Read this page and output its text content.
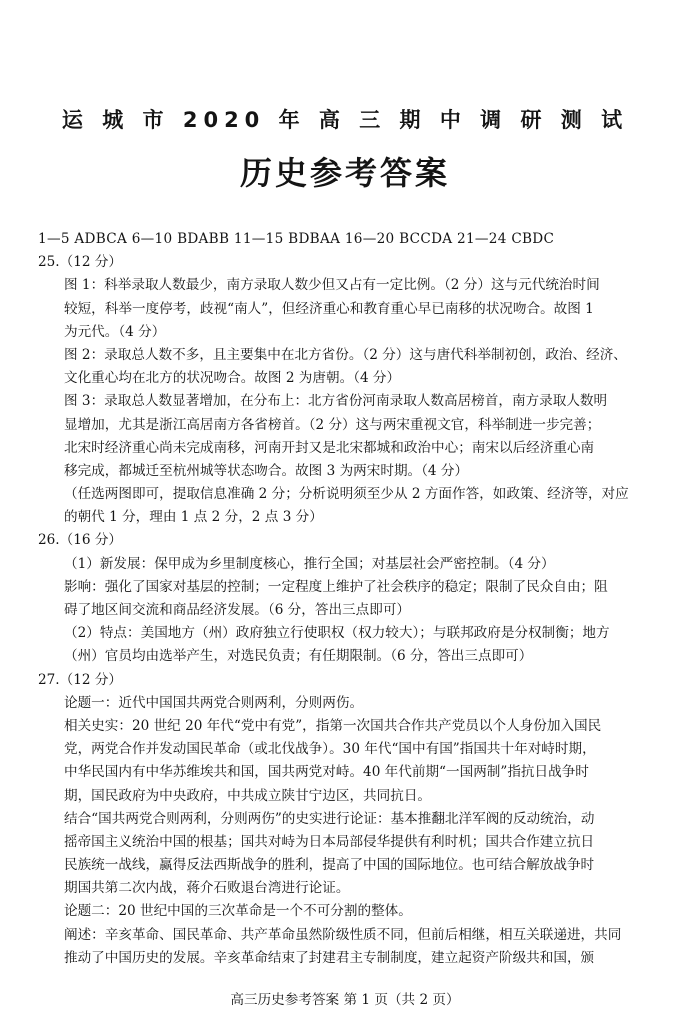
运 城 市 2020 年 高 三 期 中 调 研 测 试
历史参考答案
1—5 ADBCA 6—10 BDABB 11—15 BDBAA 16—20 BCCDA 21—24 CBDC
25.（12 分）
图 1：科举录取人数最少，南方录取人数少但又占有一定比例。（2 分）这与元代统治时间
较短，科举一度停考，歧视“南人”，但经济重心和教育重心早已南移的状况吻合。故图 1
为元代。（4 分）
图 2：录取总人数不多，且主要集中在北方省份。（2 分）这与唐代科举制初创，政治、经济、
文化重心均在北方的状况吻合。故图 2 为唐朝。（4 分）
图 3：录取总人数显著增加，在分布上：北方省份河南录取人数高居榜首，南方录取人数明
显增加，尤其是浙江高居南方各省榜首。（2 分）这与两宋重视文官，科举制进一步完善；
北宋时经济重心尚未完成南移，河南开封又是北宋都城和政治中心；南宋以后经济重心南
移完成，都城迁至杭州城等状态吻合。故图 3 为两宋时期。（4 分）
（任选两图即可，提取信息准确 2 分；分析说明须至少从 2 方面作答，如政策、经济等，对应
的朝代 1 分，理由 1 点 2 分，2 点 3 分）
26.（16 分）
（1）新发展：保甲成为乡里制度核心，推行全国；对基层社会严密控制。（4 分）
影响：强化了国家对基层的控制；一定程度上维护了社会秩序的稳定；限制了民众自由；阻
碍了地区间交流和商品经济发展。（6 分，答出三点即可）
（2）特点：美国地方（州）政府独立行使职权（权力较大）；与联邦政府是分权制衡；地方
（州）官员均由选举产生，对选民负责；有任期限制。（6 分，答出三点即可）
27.（12 分）
论题一：近代中国国共两党合则两利，分则两伤。
相关史实：20 世纪 20 年代“党中有党”，指第一次国共合作共产党员以个人身份加入国民
党，两党合作并发动国民革命（或北伐战争）。30 年代“国中有国”指国共十年对峙时期，
中华民国内有中华苏维埃共和国，国共两党对峙。40 年代前期“一国两制”指抗日战争时
期，国民政府为中央政府，中共成立陕甘宁边区，共同抗日。
结合“国共两党合则两利，分则两伤”的史实进行论证：基本推翻北洋军阀的反动统治，动
摇帝国主义统治中国的根基；国共对峙为日本局部侵华提供有利时机；国共合作建立抗日
民族统一战线，赢得反法西斯战争的胜利，提高了中国的国际地位。也可结合解放战争时
期国共第二次内战，蒋介石败退台湾进行论证。
论题二：20 世纪中国的三次革命是一个不可分割的整体。
阐述：辛亥革命、国民革命、共产革命虽然阶级性质不同，但前后相继，相互关联递进，共同
推动了中国历史的发展。辛亥革命结束了封建君主专制制度，建立起资产阶级共和国，颁
高三历史参考答案 第 1 页（共 2 页）
